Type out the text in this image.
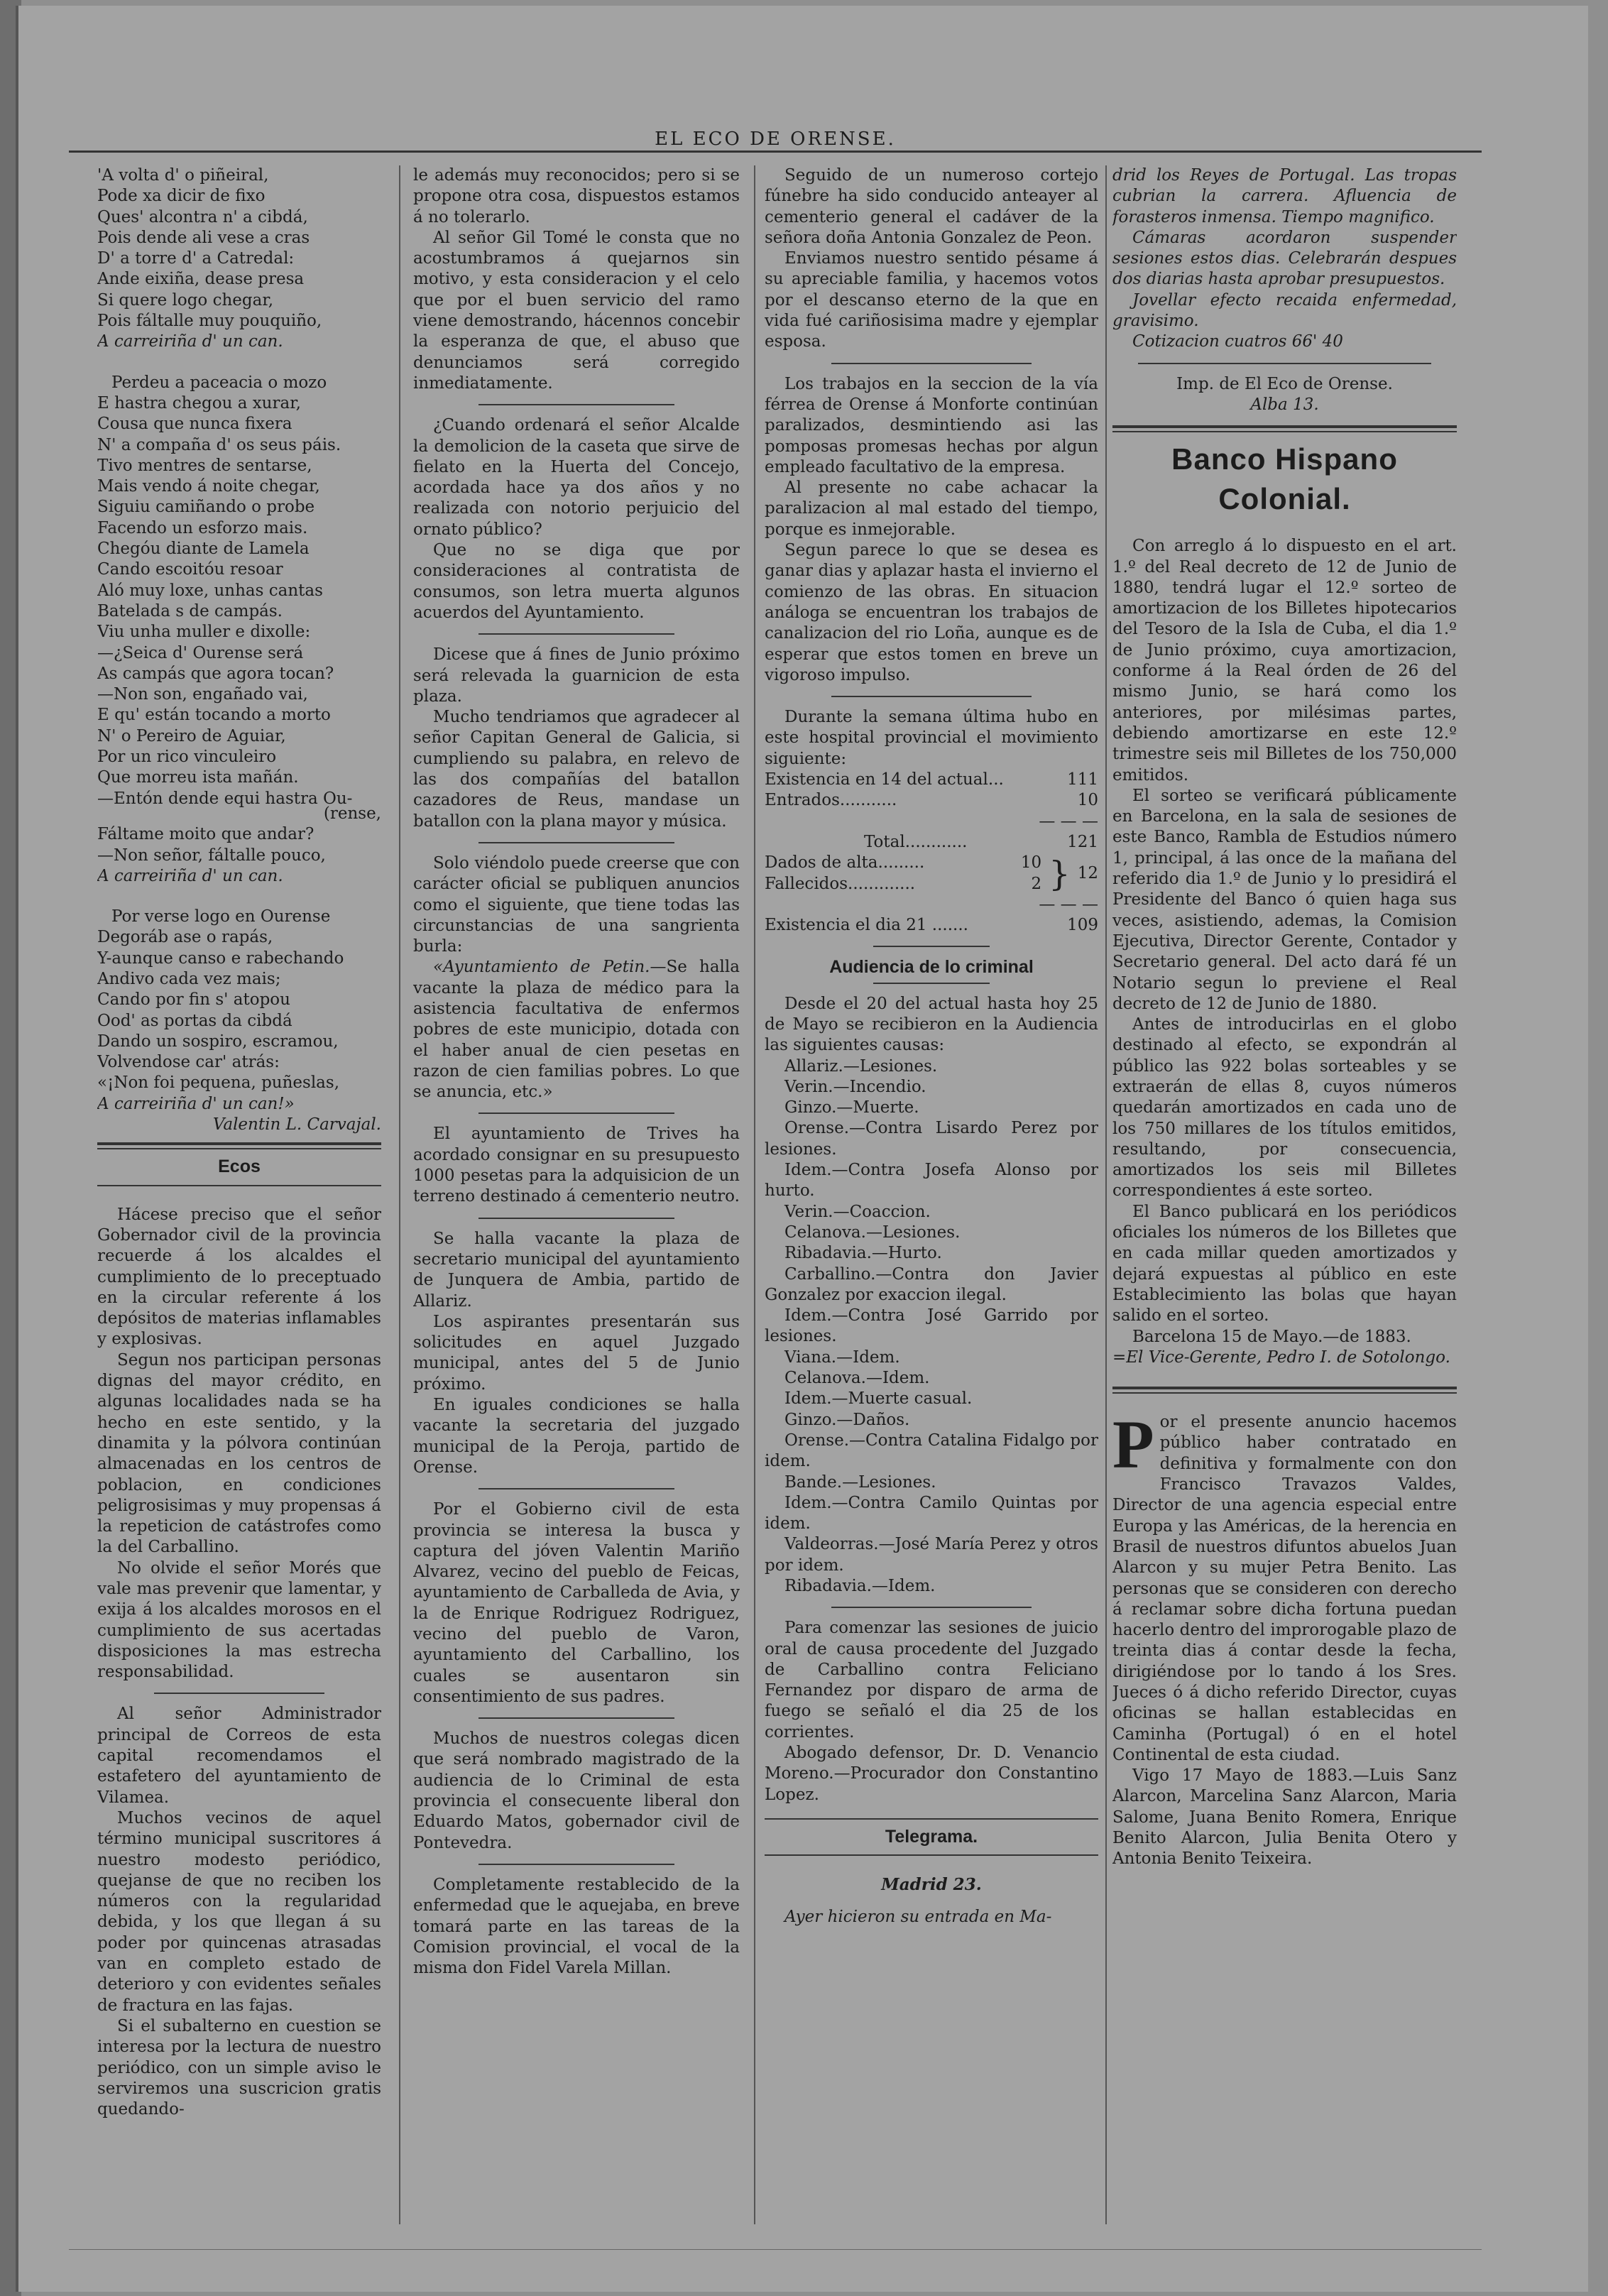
EL ECO DE ORENSE.
'A volta d' o piñeiral,
Pode xa dicir de fixo
Ques' alcontra n' a cibdá,
Pois dende ali vese a cras
D' a torre d' a Catredal:
Ande eixiña, dease presa
Si quere logo chegar,
Pois fáltalle muy pouquiño,
A carreiriña d' un can.
Perdeu a paceacia o mozo
E hastra chegou a xurar,
Cousa que nunca fixera
N' a compaña d' os seus páis.
Tivo mentres de sentarse,
Mais vendo á noite chegar,
Siguiu camiñando o probe
Facendo un esforzo mais.
Chegóu diante de Lamela
Cando escoitóu resoar
Aló muy loxe, unhas cantas
Batelada s de campás.
Viu unha muller e dixolle:
—¿Seica d' Ourense será
As campás que agora tocan?
—Non son, engañado vai,
E qu' están tocando a morto
N' o Pereiro de Aguiar,
Por un rico vinculeiro
Que morreu ista mañán.
—Entón dende equi hastra Ou-
(rense,
Fáltame moito que andar?
—Non señor, fáltalle pouco,
A carreiriña d' un can.
Por verse logo en Ourense
Degoráb ase o rapás,
Y-aunque canso e rabechando
Andivo cada vez mais;
Cando por fin s' atopou
Ood' as portas da cibdá
Dando un sospiro, escramou,
Volvendose car' atrás:
«¡Non foi pequena, puñeslas,
A carreiriña d' un can!»
Valentin L. Carvajal.
Ecos

Hácese preciso que el señor Gobernador civil de la provincia recuerde á los alcaldes el cumplimiento de lo preceptuado en la circular referente á los depósitos de materias inflamables y explosivas.

Segun nos participan personas dignas del mayor crédito, en algunas localidades nada se ha hecho en este sentido, y la dinamita y la pólvora continúan almacenadas en los centros de poblacion, en condiciones peligrosisimas y muy propensas á la repeticion de catástrofes como la del Carballino.

No olvide el señor Morés que vale mas prevenir que lamentar, y exija á los alcaldes morosos en el cumplimiento de sus acertadas disposiciones la mas estrecha responsabilidad.

Al señor Administrador principal de Correos de esta capital recomendamos el estafetero del ayuntamiento de Vilamea.

Muchos vecinos de aquel término municipal suscritores á nuestro modesto periódico, quejanse de que no reciben los números con la regularidad debida, y los que llegan á su poder por quincenas atrasadas van en completo estado de deterioro y con evidentes señales de fractura en las fajas.

Si el subalterno en cuestion se interesa por la lectura de nuestro periódico, con un simple aviso le serviremos una suscricion gratis quedando-

le además muy reconocidos; pero si se propone otra cosa, dispuestos estamos á no tolerarlo.

Al señor Gil Tomé le consta que no acostumbramos á quejarnos sin motivo, y esta consideracion y el celo que por el buen servicio del ramo viene demostrando, hácennos concebir la esperanza de que, el abuso que denunciamos será corregido inmediatamente.

¿Cuando ordenará el señor Alcalde la demolicion de la caseta que sirve de fielato en la Huerta del Concejo, acordada hace ya dos años y no realizada con notorio perjuicio del ornato público?

Que no se diga que por consideraciones al contratista de consumos, son letra muerta algunos acuerdos del Ayuntamiento.

Dicese que á fines de Junio próximo será relevada la guarnicion de esta plaza.

Mucho tendriamos que agradecer al señor Capitan General de Galicia, si cumpliendo su palabra, en relevo de las dos compañías del batallon cazadores de Reus, mandase un batallon con la plana mayor y música.

Solo viéndolo puede creerse que con carácter oficial se publiquen anuncios como el siguiente, que tiene todas las circunstancias de una sangrienta burla:

«Ayuntamiento de Petin.—Se halla vacante la plaza de médico para la asistencia facultativa de enfermos pobres de este municipio, dotada con el haber anual de cien pesetas en razon de cien familias pobres. Lo que se anuncia, etc.»

El ayuntamiento de Trives ha acordado consignar en su presupuesto 1000 pesetas para la adquisicion de un terreno destinado á cementerio neutro.

Se halla vacante la plaza de secretario municipal del ayuntamiento de Junquera de Ambia, partido de Allariz.

Los aspirantes presentarán sus solicitudes en aquel Juzgado municipal, antes del 5 de Junio próximo.

En iguales condiciones se halla vacante la secretaria del juzgado municipal de la Peroja, partido de Orense.

Por el Gobierno civil de esta provincia se interesa la busca y captura del jóven Valentin Mariño Alvarez, vecino del pueblo de Feicas, ayuntamiento de Carballeda de Avia, y la de Enrique Rodriguez Rodriguez, vecino del pueblo de Varon, ayuntamiento del Carballino, los cuales se ausentaron sin consentimiento de sus padres.

Muchos de nuestros colegas dicen que será nombrado magistrado de la audiencia de lo Criminal de esta provincia el consecuente liberal don Eduardo Matos, gobernador civil de Pontevedra.

Completamente restablecido de la enfermedad que le aquejaba, en breve tomará parte en las tareas de la Comision provincial, el vocal de la misma don Fidel Varela Millan.

Seguido de un numeroso cortejo fúnebre ha sido conducido anteayer al cementerio general el cadáver de la señora doña Antonia Gonzalez de Peon.

Enviamos nuestro sentido pésame á su apreciable familia, y hacemos votos por el descanso eterno de la que en vida fué cariñosisima madre y ejemplar esposa.

Los trabajos en la seccion de la vía férrea de Orense á Monforte continúan paralizados, desmintiendo asi las pomposas promesas hechas por algun empleado facultativo de la empresa.

Al presente no cabe achacar la paralizacion al mal estado del tiempo, porque es inmejorable.

Segun parece lo que se desea es ganar dias y aplazar hasta el invierno el comienzo de las obras. En situacion análoga se encuentran los trabajos de canalizacion del rio Loña, aunque es de esperar que estos tomen en breve un vigoroso impulso.

Durante la semana última hubo en este hospital provincial el movimiento siguiente:

Existencia en 14 del actual...	111
Entrados...........	10
— — —
Total............	121
Dados de alta.........	10
Fallecidos.............	2 } 12
— — —
Existencia el dia 21 .......	109
Audiencia de lo criminal

Desde el 20 del actual hasta hoy 25 de Mayo se recibieron en la Audiencia las siguientes causas:

Allariz.—Lesiones.

Verin.—Incendio.

Ginzo.—Muerte.

Orense.—Contra Lisardo Perez por lesiones.

Idem.—Contra Josefa Alonso por hurto.

Verin.—Coaccion.

Celanova.—Lesiones.

Ribadavia.—Hurto.

Carballino.—Contra don Javier Gonzalez por exaccion ilegal.

Idem.—Contra José Garrido por lesiones.

Viana.—Idem.

Celanova.—Idem.

Idem.—Muerte casual.

Ginzo.—Daños.

Orense.—Contra Catalina Fidalgo por idem.

Bande.—Lesiones.

Idem.—Contra Camilo Quintas por idem.

Valdeorras.—José María Perez y otros por idem.

Ribadavia.—Idem.

Para comenzar las sesiones de juicio oral de causa procedente del Juzgado de Carballino contra Feliciano Fernandez por disparo de arma de fuego se señaló el dia 25 de los corrientes.

Abogado defensor, Dr. D. Venancio Moreno.—Procurador don Constantino Lopez.

Telegrama.
Madrid 23.

Ayer hicieron su entrada en Ma-

drid los Reyes de Portugal. Las tropas cubrian la carrera. Afluencia de forasteros inmensa. Tiempo magnifico.

Cámaras acordaron suspender sesiones estos dias. Celebrarán despues dos diarias hasta aprobar presupuestos.

Jovellar efecto recaida enfermedad, gravisimo.

Cotizacion cuatros 66' 40

Imp. de El Eco de Orense.
Alba 13.
Banco Hispano Colonial.

Con arreglo á lo dispuesto en el art. 1.º del Real decreto de 12 de Junio de 1880, tendrá lugar el 12.º sorteo de amortizacion de los Billetes hipotecarios del Tesoro de la Isla de Cuba, el dia 1.º de Junio próximo, cuya amortizacion, conforme á la Real órden de 26 del mismo Junio, se hará como los anteriores, por milésimas partes, debiendo amortizarse en este 12.º trimestre seis mil Billetes de los 750,000 emitidos.

El sorteo se verificará públicamente en Barcelona, en la sala de sesiones de este Banco, Rambla de Estudios número 1, principal, á las once de la mañana del referido dia 1.º de Junio y lo presidirá el Presidente del Banco ó quien haga sus veces, asistiendo, ademas, la Comision Ejecutiva, Director Gerente, Contador y Secretario general. Del acto dará fé un Notario segun lo previene el Real decreto de 12 de Junio de 1880.

Antes de introducirlas en el globo destinado al efecto, se expondrán al público las 922 bolas sorteables y se extraerán de ellas 8, cuyos números quedarán amortizados en cada uno de los 750 millares de los títulos emitidos, resultando, por consecuencia, amortizados los seis mil Billetes correspondientes á este sorteo.

El Banco publicará en los periódicos oficiales los números de los Billetes que en cada millar queden amortizados y dejará expuestas al público en este Establecimiento las bolas que hayan salido en el sorteo.

Barcelona 15 de Mayo.—de 1883.

=El Vice-Gerente, Pedro I. de Sotolongo.

P or el presente anuncio hacemos público haber contratado en definitiva y formalmente con don Francisco Travazos Valdes, Director de una agencia especial entre Europa y las Américas, de la herencia en Brasil de nuestros difuntos abuelos Juan Alarcon y su mujer Petra Benito. Las personas que se consideren con derecho á reclamar sobre dicha fortuna puedan hacerlo dentro del improrogable plazo de treinta dias á contar desde la fecha, dirigiéndose por lo tando á los Sres. Jueces ó á dicho referido Director, cuyas oficinas se hallan establecidas en Caminha (Portugal) ó en el hotel Continental de esta ciudad.

Vigo 17 Mayo de 1883.—Luis Sanz Alarcon, Marcelina Sanz Alarcon, Maria Salome, Juana Benito Romera, Enrique Benito Alarcon, Julia Benita Otero y Antonia Benito Teixeira.
